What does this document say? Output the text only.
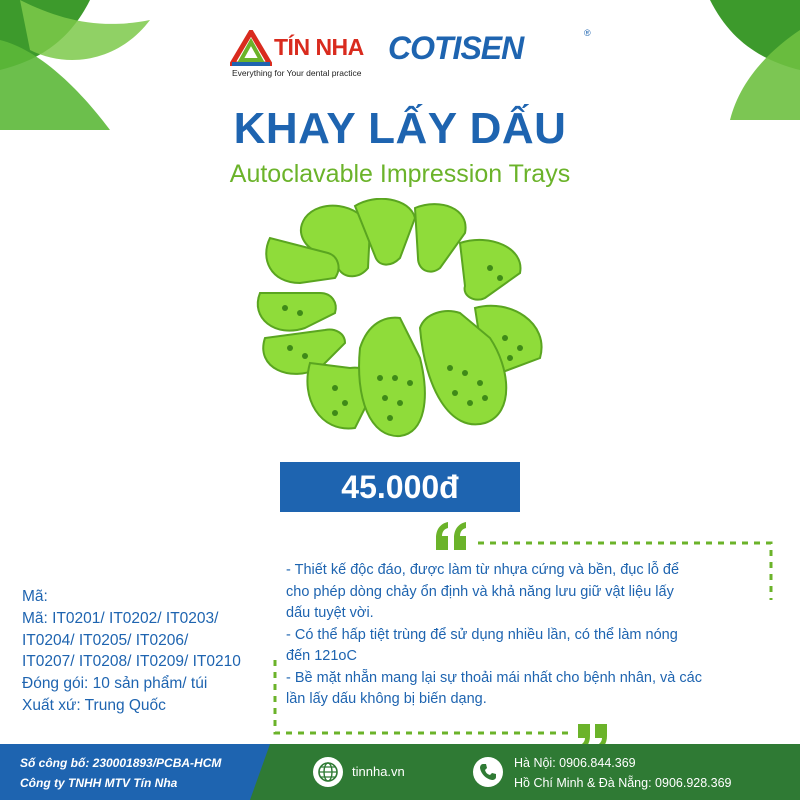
TÍN NHA
Everything for Your dental practice
COTISEN	®
KHAY LẤY DẤU
Autoclavable Impression Trays
45.000đ
- Thiết kế độc đáo, được làm từ nhựa cứng và bền, đục lỗ để
cho phép dòng chảy ổn định và khả năng lưu giữ vật liệu lấy
dấu tuyệt vời.
- Có thể hấp tiệt trùng để sử dụng nhiều lần, có thể làm nóng
đến 121oC
- Bề mặt nhẵn mang lại sự thoải mái nhất cho bệnh nhân, và các
lần lấy dấu không bị biến dạng.
Mã:
Mã: IT0201/ IT0202/ IT0203/
IT0204/ IT0205/ IT0206/
IT0207/ IT0208/ IT0209/ IT0210
Đóng gói: 10 sản phẩm/ túi
Xuất xứ: Trung Quốc
Số công bố: 230001893/PCBA-HCM
Công ty TNHH MTV Tín Nha
tinnha.vn
Hà Nội: 0906.844.369
Hồ Chí Minh & Đà Nẵng: 0906.928.369
